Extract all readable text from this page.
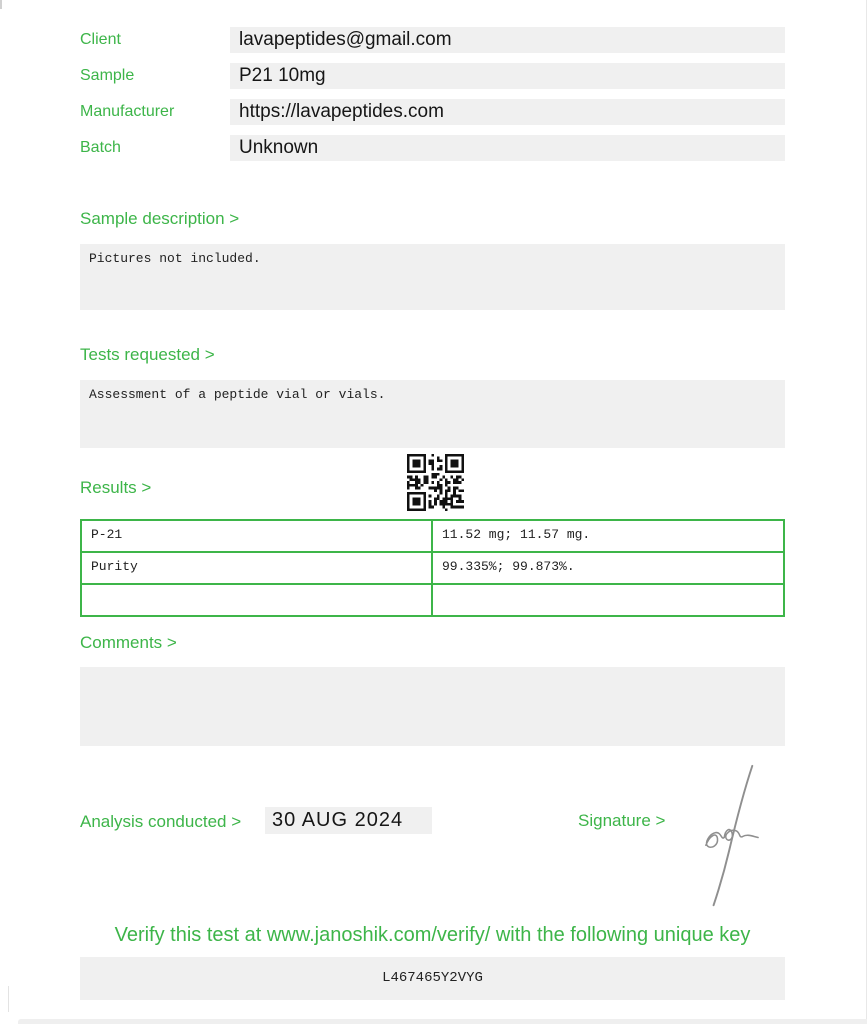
Client	lavapeptides@gmail.com
Sample	P21 10mg
Manufacturer	https://lavapeptides.com
Batch	Unknown
Sample description >
Pictures not included.
Tests requested >
Assessment of a peptide vial or vials.
Results >
P-21	11.52 mg; 11.57 mg.
Purity	99.335%; 99.873%.
Comments >
Analysis conducted >	30 AUG 2024	Signature >
Verify this test at www.janoshik.com/verify/ with the following unique key
L467465Y2VYG
